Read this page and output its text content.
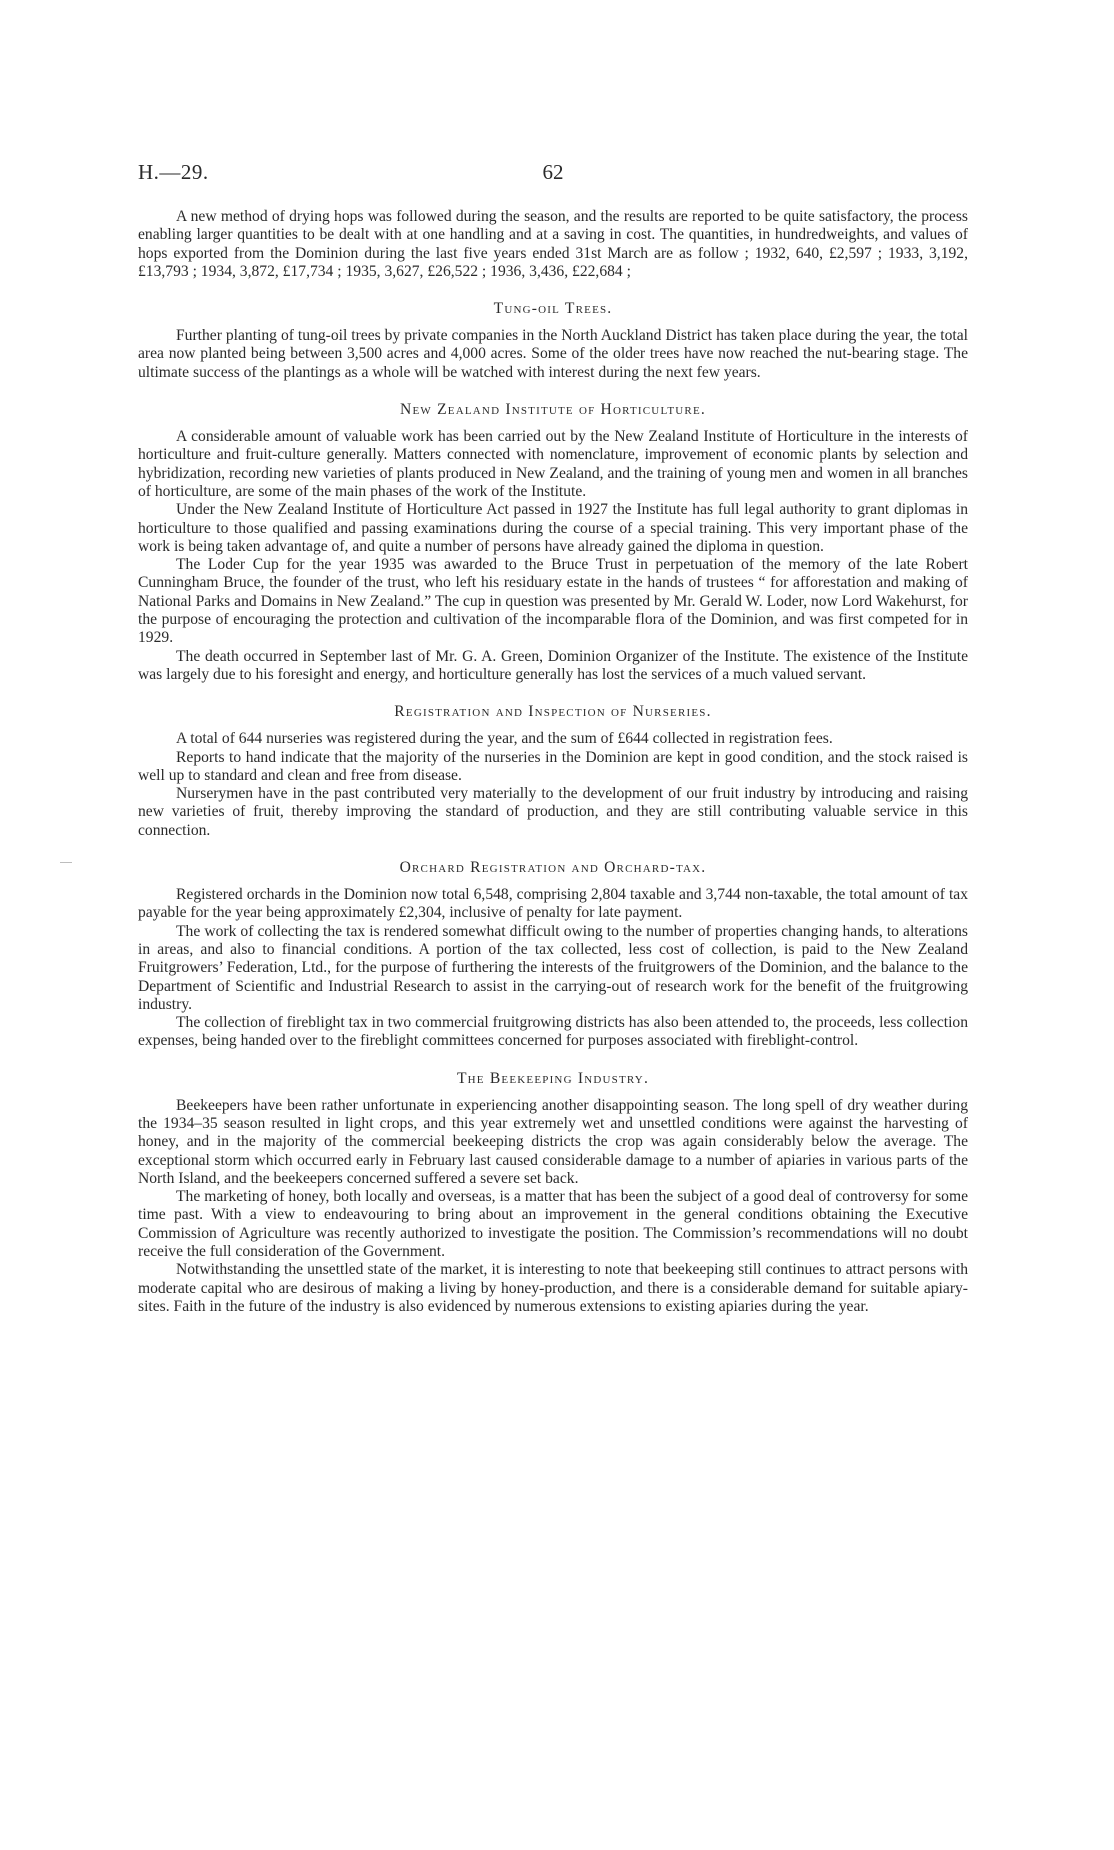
H.—29.	62

A new method of drying hops was followed during the season, and the results are reported to be quite satisfactory, the process enabling larger quantities to be dealt with at one handling and at a saving in cost. The quantities, in hundredweights, and values of hops exported from the Dominion during the last five years ended 31st March are as follow ; 1932, 640, £2,597 ; 1933, 3,192, £13,793 ; 1934, 3,872, £17,734 ; 1935, 3,627, £26,522 ; 1936, 3,436, £22,684 ;

Tung-oil Trees.

Further planting of tung-oil trees by private companies in the North Auckland District has taken place during the year, the total area now planted being between 3,500 acres and 4,000 acres. Some of the older trees have now reached the nut-bearing stage. The ultimate success of the plantings as a whole will be watched with interest during the next few years.

New Zealand Institute of Horticulture.

A considerable amount of valuable work has been carried out by the New Zealand Institute of Horticulture in the interests of horticulture and fruit-culture generally. Matters connected with nomenclature, improvement of economic plants by selection and hybridization, recording new varieties of plants produced in New Zealand, and the training of young men and women in all branches of horticulture, are some of the main phases of the work of the Institute.

Under the New Zealand Institute of Horticulture Act passed in 1927 the Institute has full legal authority to grant diplomas in horticulture to those qualified and passing examinations during the course of a special training. This very important phase of the work is being taken advantage of, and quite a number of persons have already gained the diploma in question.

The Loder Cup for the year 1935 was awarded to the Bruce Trust in perpetuation of the memory of the late Robert Cunningham Bruce, the founder of the trust, who left his residuary estate in the hands of trustees “ for afforestation and making of National Parks and Domains in New Zealand.” The cup in question was presented by Mr. Gerald W. Loder, now Lord Wakehurst, for the purpose of encouraging the protection and cultivation of the incomparable flora of the Dominion, and was first competed for in 1929.

The death occurred in September last of Mr. G. A. Green, Dominion Organizer of the Institute. The existence of the Institute was largely due to his foresight and energy, and horticulture generally has lost the services of a much valued servant.

Registration and Inspection of Nurseries.

A total of 644 nurseries was registered during the year, and the sum of £644 collected in registration fees.

Reports to hand indicate that the majority of the nurseries in the Dominion are kept in good condition, and the stock raised is well up to standard and clean and free from disease.

Nurserymen have in the past contributed very materially to the development of our fruit industry by introducing and raising new varieties of fruit, thereby improving the standard of production, and they are still contributing valuable service in this connection.

Orchard Registration and Orchard-tax.

Registered orchards in the Dominion now total 6,548, comprising 2,804 taxable and 3,744 non-taxable, the total amount of tax payable for the year being approximately £2,304, inclusive of penalty for late payment.

The work of collecting the tax is rendered somewhat difficult owing to the number of properties changing hands, to alterations in areas, and also to financial conditions. A portion of the tax collected, less cost of collection, is paid to the New Zealand Fruitgrowers’ Federation, Ltd., for the purpose of furthering the interests of the fruitgrowers of the Dominion, and the balance to the Department of Scientific and Industrial Research to assist in the carrying-out of research work for the benefit of the fruitgrowing industry.

The collection of fireblight tax in two commercial fruitgrowing districts has also been attended to, the proceeds, less collection expenses, being handed over to the fireblight committees concerned for purposes associated with fireblight-control.

The Beekeeping Industry.

Beekeepers have been rather unfortunate in experiencing another disappointing season. The long spell of dry weather during the 1934–35 season resulted in light crops, and this year extremely wet and unsettled conditions were against the harvesting of honey, and in the majority of the commercial beekeeping districts the crop was again considerably below the average. The exceptional storm which occurred early in February last caused considerable damage to a number of apiaries in various parts of the North Island, and the beekeepers concerned suffered a severe set back.

The marketing of honey, both locally and overseas, is a matter that has been the subject of a good deal of controversy for some time past. With a view to endeavouring to bring about an improvement in the general conditions obtaining the Executive Commission of Agriculture was recently authorized to investigate the position. The Commission’s recommendations will no doubt receive the full consideration of the Government.

Notwithstanding the unsettled state of the market, it is interesting to note that beekeeping still continues to attract persons with moderate capital who are desirous of making a living by honey-production, and there is a considerable demand for suitable apiary-sites. Faith in the future of the industry is also evidenced by numerous extensions to existing apiaries during the year.
